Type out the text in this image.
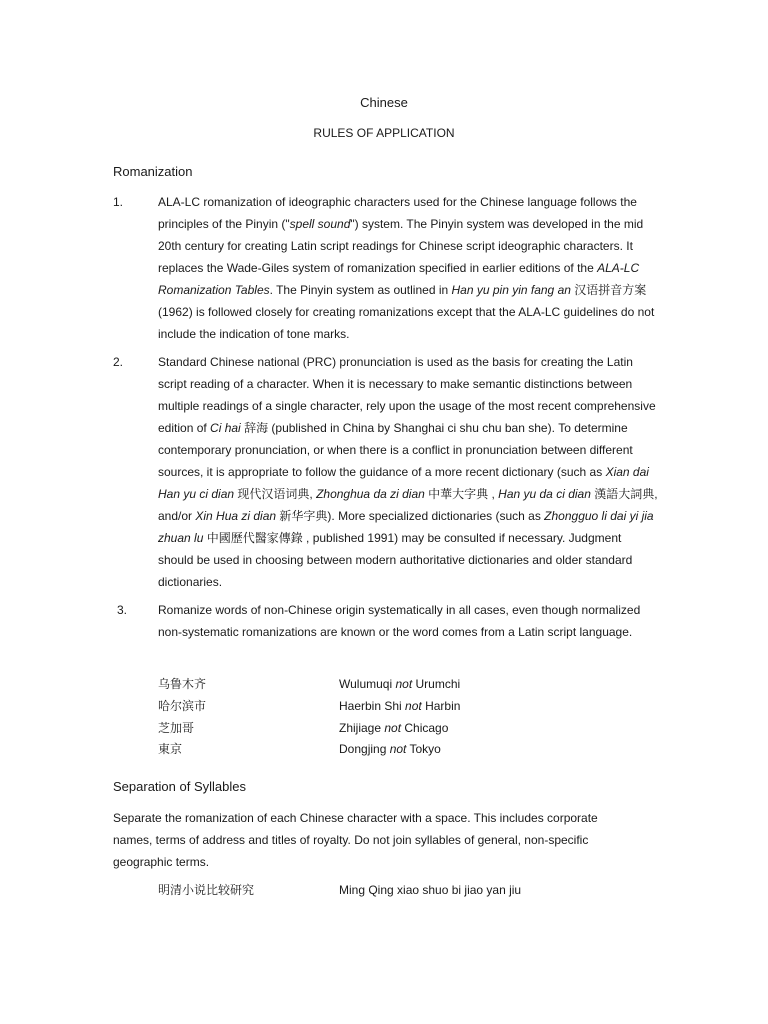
Chinese
RULES OF APPLICATION
Romanization
1.	ALA-LC romanization of ideographic characters used for the Chinese language follows the principles of the Pinyin ("spell sound") system. The Pinyin system was developed in the mid 20th century for creating Latin script readings for Chinese script ideographic characters. It replaces the Wade-Giles system of romanization specified in earlier editions of the ALA-LC Romanization Tables. The Pinyin system as outlined in Han yu pin yin fang an 汉语拼音方案 (1962) is followed closely for creating romanizations except that the ALA-LC guidelines do not include the indication of tone marks.
2.	Standard Chinese national (PRC) pronunciation is used as the basis for creating the Latin script reading of a character. When it is necessary to make semantic distinctions between multiple readings of a single character, rely upon the usage of the most recent comprehensive edition of Ci hai 辞海 (published in China by Shanghai ci shu chu ban she). To determine contemporary pronunciation, or when there is a conflict in pronunciation between different sources, it is appropriate to follow the guidance of a more recent dictionary (such as Xian dai Han yu ci dian 现代汉语词典, Zhonghua da zi dian 中華大字典 , Han yu da ci dian 漢語大詞典, and/or Xin Hua zi dian 新华字典). More specialized dictionaries (such as Zhongguo li dai yi jia zhuan lu 中國歷代醫家傳錄 , published 1991) may be consulted if necessary. Judgment should be used in choosing between modern authoritative dictionaries and older standard dictionaries.
3.	Romanize words of non-Chinese origin systematically in all cases, even though normalized non-systematic romanizations are known or the word comes from a Latin script language.
乌鲁木齐	Wulumuqi not Urumchi
哈尔滨市	Haerbin Shi not Harbin
芝加哥	Zhijiage not Chicago
東京	Dongjing not Tokyo
Separation of Syllables
Separate the romanization of each Chinese character with a space. This includes corporate names, terms of address and titles of royalty. Do not join syllables of general, non-specific geographic terms.
明清小说比较研究	Ming Qing xiao shuo bi jiao yan jiu
